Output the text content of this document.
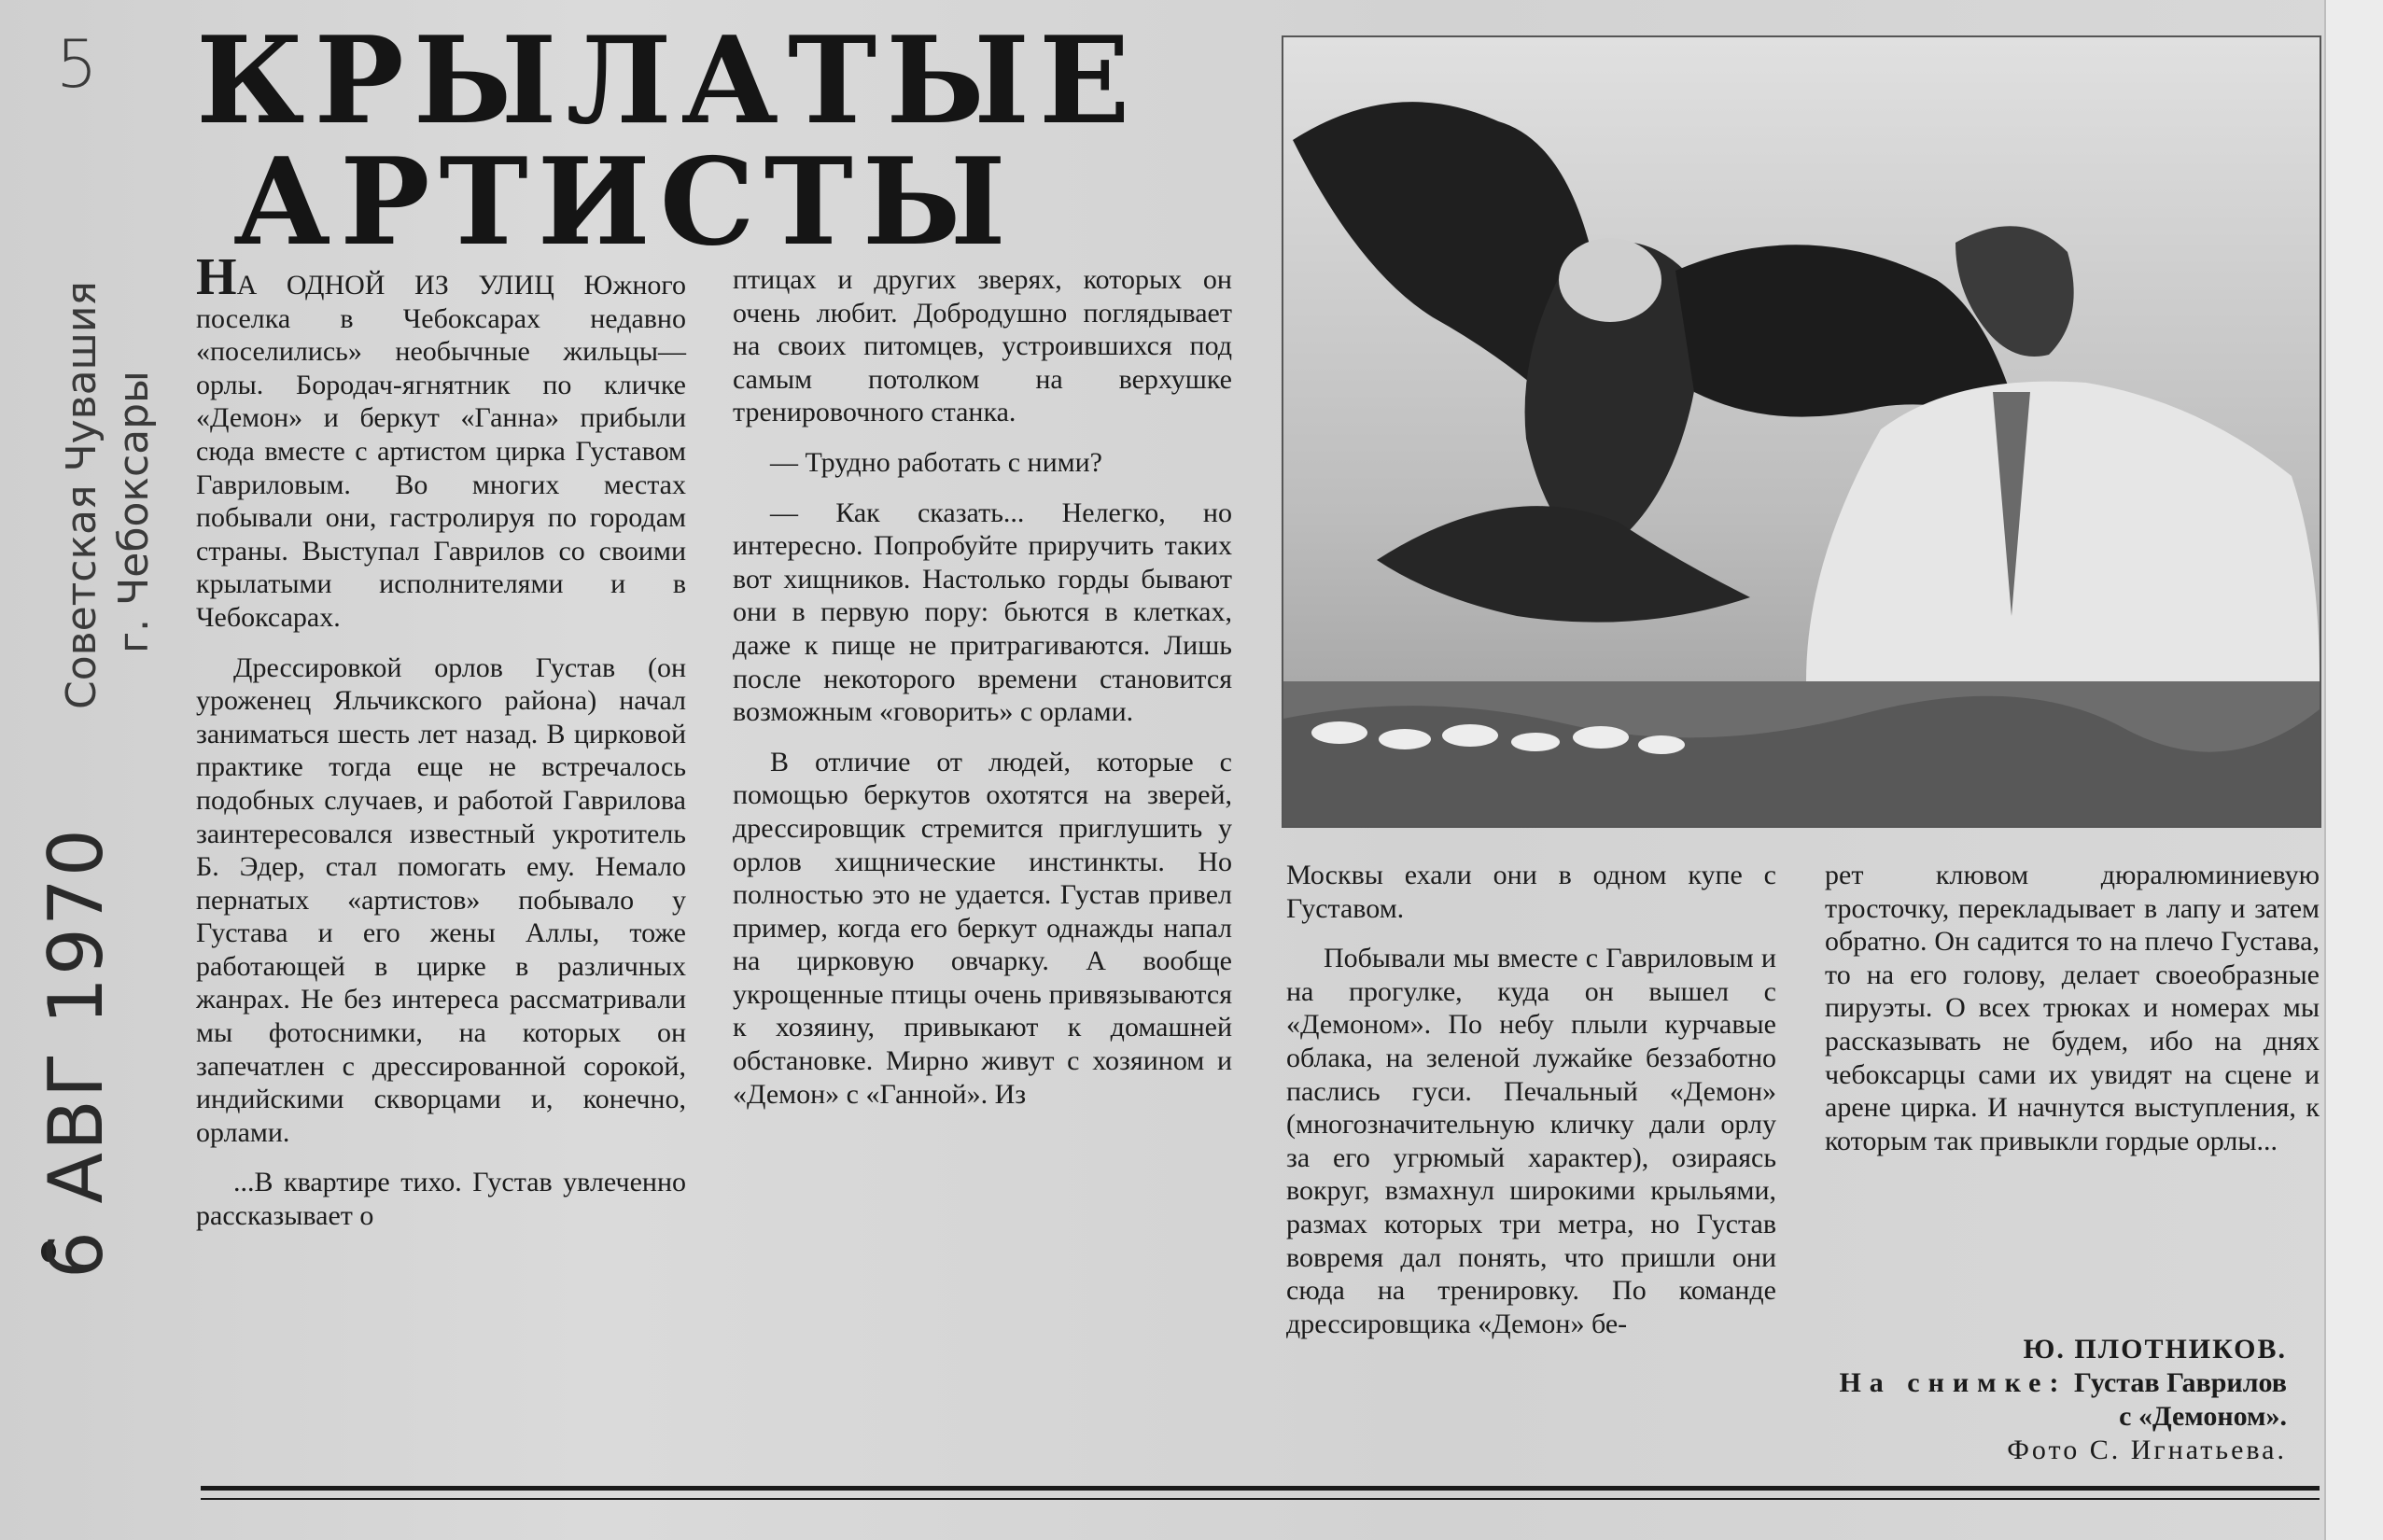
5
Советская Чувашия г. Чебоксары
6 АВГ 1970
КРЫЛАТЫЕ
АРТИСТЫ

НА ОДНОЙ ИЗ УЛИЦ Южного поселка в Чебоксарах недавно «поселились» необычные жильцы— орлы. Бородач-ягнятник по кличке «Демон» и беркут «Ганна» прибыли сюда вместе с артистом цирка Густавом Гавриловым. Во многих местах побывали они, гастролируя по городам страны. Выступал Гаврилов со своими крылатыми исполнителями и в Чебоксарах.

Дрессировкой орлов Густав (он уроженец Яльчикского района) начал заниматься шесть лет назад. В цирковой практике тогда еще не встречалось подобных случаев, и работой Гаврилова заинтересовался известный укротитель Б. Эдер, стал помогать ему. Немало пернатых «артистов» побывало у Густава и его жены Аллы, тоже работающей в цирке в различных жанрах. Не без интереса рассматривали мы фотоснимки, на которых он запечатлен с дрессированной сорокой, индийскими скворцами и, конечно, орлами.

...В квартире тихо. Густав увлеченно рассказывает о

птицах и других зверях, которых он очень любит. Добродушно поглядывает на своих питомцев, устроившихся под самым потолком на верхушке тренировочного станка.

— Трудно работать с ними?

— Как сказать... Нелегко, но интересно. Попробуйте приручить таких вот хищников. Настолько горды бывают они в первую пору: бьются в клетках, даже к пище не притрагиваются. Лишь после некоторого времени становится возможным «говорить» с орлами.

В отличие от людей, которые с помощью беркутов охотятся на зверей, дрессировщик стремится приглушить у орлов хищнические инстинкты. Но полностью это не удается. Густав привел пример, когда его беркут однажды напал на цирковую овчарку. А вообще укрощенные птицы очень привязываются к хозяину, привыкают к домашней обстановке. Мирно живут с хозяином и «Демон» с «Ганной». Из

Москвы ехали они в одном купе с Густавом.

Побывали мы вместе с Гавриловым и на прогулке, куда он вышел с «Демоном». По небу плыли курчавые облака, на зеленой лужайке беззаботно паслись гуси. Печальный «Демон» (многозначительную кличку дали орлу за его угрюмый характер), озираясь вокруг, взмахнул широкими крыльями, размах которых три метра, но Густав вовремя дал понять, что пришли они сюда на тренировку. По команде дрессировщика «Демон» бе-

рет клювом дюралюминиевую тросточку, перекладывает в лапу и затем обратно. Он садится то на плечо Густава, то на его голову, делает своеобразные пируэты. О всех трюках и номерах мы рассказывать не будем, ибо на днях чебоксарцы сами их увидят на сцене и арене цирка. И начнутся выступления, к которым так привыкли гордые орлы...

Ю. ПЛОТНИКОВ.
На снимке: Густав Гаврилов с «Демоном».
Фото С. Игнатьева.
